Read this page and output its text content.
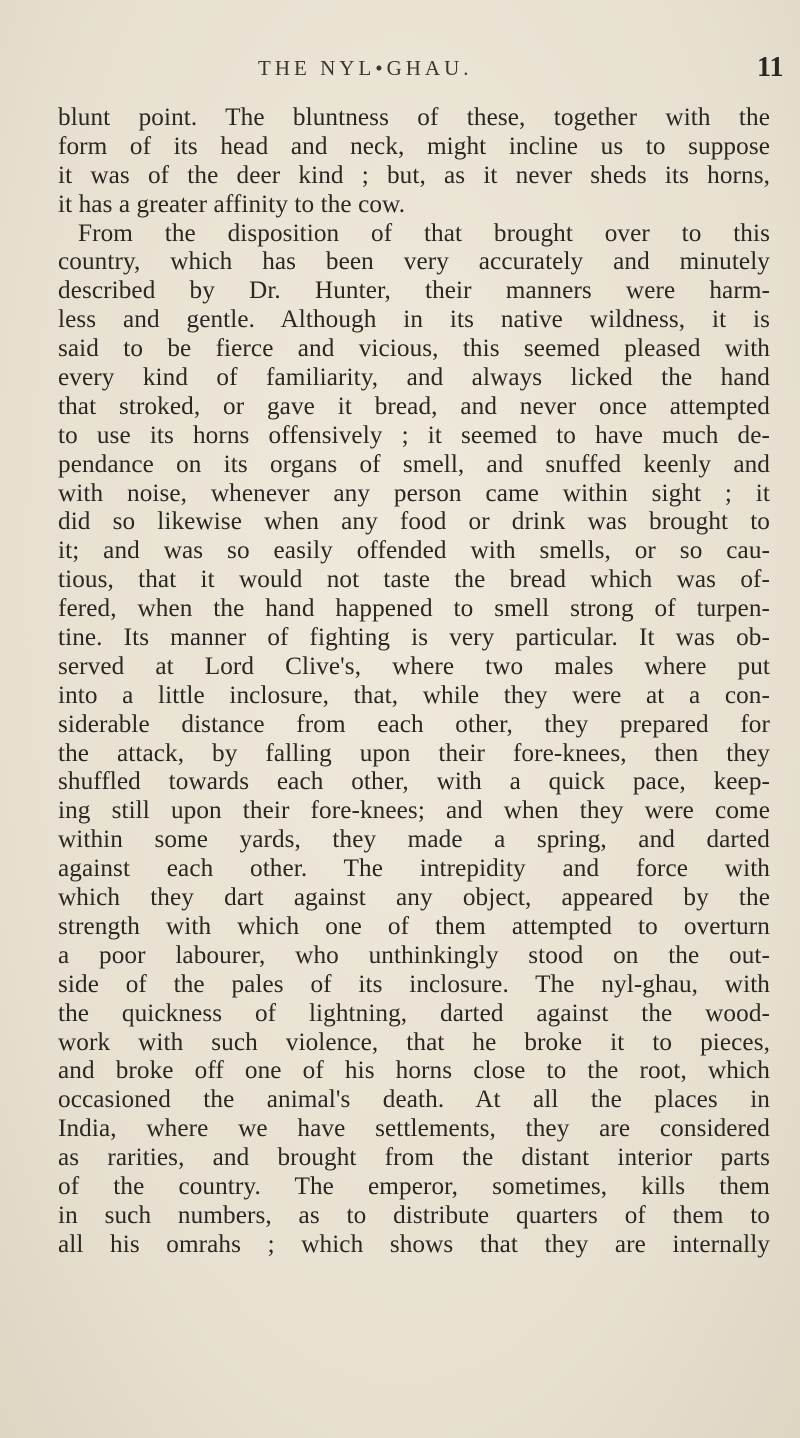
THE NYL•GHAU.	11
blunt point. The bluntness of these, together with the
form of its head and neck, might incline us to suppose
it was of the deer kind ; but, as it never sheds its horns,
it has a greater affinity to the cow.
From the disposition of that brought over to this
country, which has been very accurately and minutely
described by Dr. Hunter, their manners were harm-
less and gentle. Although in its native wildness, it is
said to be fierce and vicious, this seemed pleased with
every kind of familiarity, and always licked the hand
that stroked, or gave it bread, and never once attempted
to use its horns offensively ; it seemed to have much de-
pendance on its organs of smell, and snuffed keenly and
with noise, whenever any person came within sight ; it
did so likewise when any food or drink was brought to
it; and was so easily offended with smells, or so cau-
tious, that it would not taste the bread which was of-
fered, when the hand happened to smell strong of turpen-
tine. Its manner of fighting is very particular. It was ob-
served at Lord Clive's, where two males where put
into a little inclosure, that, while they were at a con-
siderable distance from each other, they prepared for
the attack, by falling upon their fore-knees, then they
shuffled towards each other, with a quick pace, keep-
ing still upon their fore-knees; and when they were come
within some yards, they made a spring, and darted
against each other. The intrepidity and force with
which they dart against any object, appeared by the
strength with which one of them attempted to overturn
a poor labourer, who unthinkingly stood on the out-
side of the pales of its inclosure. The nyl-ghau, with
the quickness of lightning, darted against the wood-
work with such violence, that he broke it to pieces,
and broke off one of his horns close to the root, which
occasioned the animal's death. At all the places in
India, where we have settlements, they are considered
as rarities, and brought from the distant interior parts
of the country. The emperor, sometimes, kills them
in such numbers, as to distribute quarters of them to
all his omrahs ; which shows that they are internally
